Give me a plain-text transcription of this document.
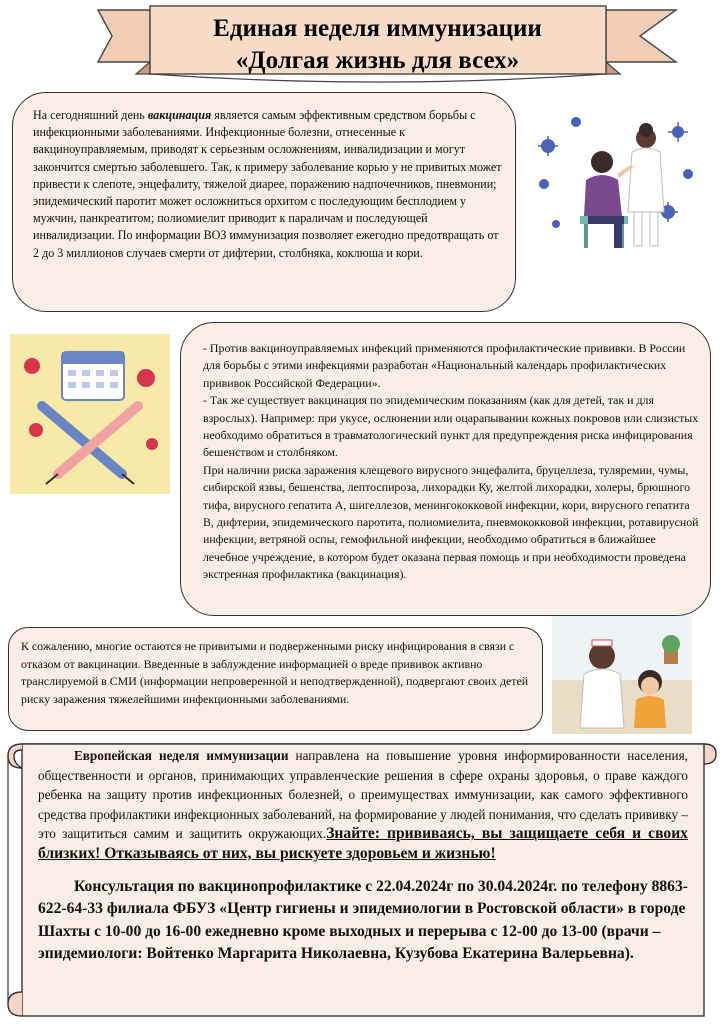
Единая неделя иммунизации
«Долгая жизнь для всех»
На сегодняшний день вакцинация является самым эффективным средством борьбы с инфекционными заболеваниями. Инфекционные болезни, отнесенные к вакциноуправляемым, приводят к серьезным осложнениям, инвалидизации и могут закончится смертью заболевшего. Так, к примеру заболевание корью у не привитых может привести к слепоте, энцефалиту, тяжелой диарее, поражению надпочечников, пневмонии; эпидемический паротит может осложниться орхитом с последующим бесплодием у мужчин, панкреатитом; полиомиелит приводит к параличам и последующей инвалидизации. По информации ВОЗ иммунизация позволяет ежегодно предотвращать от 2 до 3 миллионов случаев смерти от дифтерии, столбняка, коклюша и кори.

- Против вакциноуправляемых инфекций применяются профилактические прививки. В России для борьбы с этими инфекциями разработан «Национальный календарь профилактических прививок Российской Федерации».

- Так же существует вакцинация по эпидемическим показаниям (как для детей, так и для взрослых). Например: при укусе, ослюнении или оцарапывании кожных покровов или слизистых необходимо обратиться в травматологический пункт для предупреждения риска инфицирования бешенством и столбняком.

При наличии риска заражения клещевого вирусного энцефалита, бруцеллеза, туляремии, чумы, сибирской язвы, бешенства, лептоспироза, лихорадки Ку, желтой лихорадки, холеры, брюшного тифа, вирусного гепатита А, шигеллезов, менингококковой инфекции, кори, вирусного гепатита В, дифтерии, эпидемического паротита, полиомиелита, пневмококковой инфекции, ротавирусной инфекции, ветряной оспы, гемофильной инфекции, необходимо обратиться в ближайшее лечебное учреждение, в котором будет оказана первая помощь и при необходимости проведена экстренная профилактика (вакцинация).

К сожалению, многие остаются не привитыми и подверженными риску инфицирования в связи с отказом от вакцинации. Введенные в заблуждение информацией о вреде прививок активно транслируемой в СМИ (информации непроверенной и неподтвержденной), подвергают своих детей риску заражения тяжелейшими инфекционными заболеваниями.

Европейская неделя иммунизации направлена на повышение уровня информированности населения, общественности и органов, принимающих управленческие решения в сфере охраны здоровья, о праве каждого ребенка на защиту против инфекционных болезней, о преимуществах иммунизации, как самого эффективного средства профилактики инфекционных заболеваний, на формирование у людей понимания, что сделать прививку – это защититься самим и защитить окружающих.Знайте: прививаясь, вы защищаете себя и своих близких! Отказываясь от них, вы рискуете здоровьем и жизнью!

Консультация по вакцинопрофилактике с 22.04.2024г по 30.04.2024г. по телефону 8863-622-64-33 филиала ФБУЗ «Центр гигиены и эпидемиологии в Ростовской области» в городе Шахты с 10-00 до 16-00 ежедневно кроме выходных и перерыва с 12-00 до 13-00 (врачи – эпидемиологи: Войтенко Маргарита Николаевна, Кузубова Екатерина Валерьевна).
